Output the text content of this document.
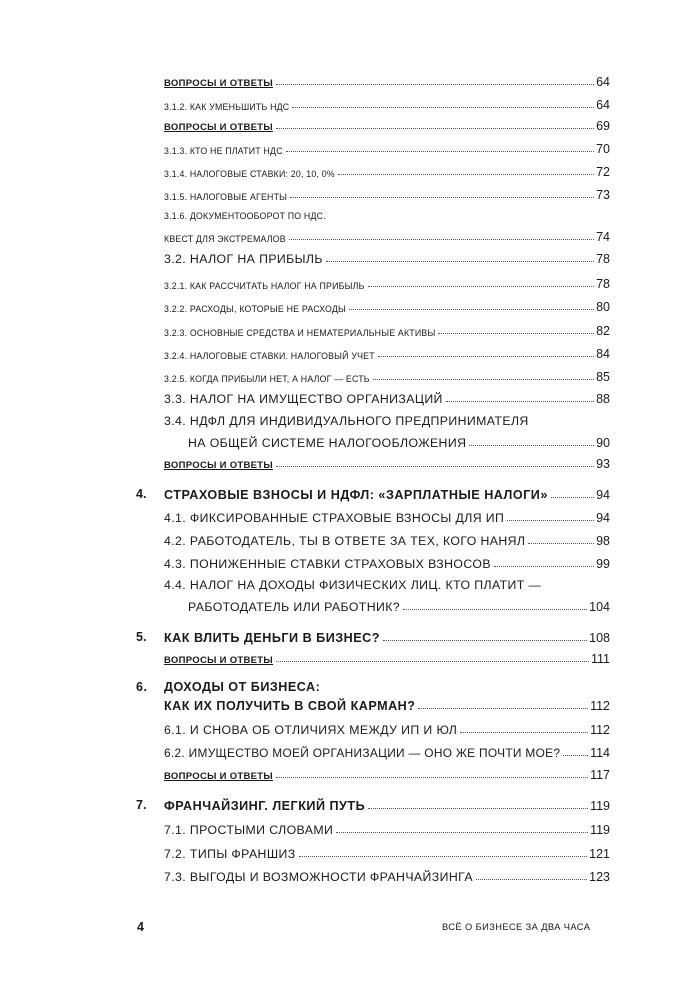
ВОПРОСЫ И ОТВЕТЫ	64
3.1.2. КАК УМЕНЬШИТЬ НДС	64
ВОПРОСЫ И ОТВЕТЫ	69
3.1.3. КТО НЕ ПЛАТИТ НДС	70
3.1.4. НАЛОГОВЫЕ СТАВКИ: 20, 10, 0%	72
3.1.5. НАЛОГОВЫЕ АГЕНТЫ	73
3.1.6. ДОКУМЕНТООБОРОТ ПО НДС.
КВЕСТ ДЛЯ ЭКСТРЕМАЛОВ	74
3.2. НАЛОГ НА ПРИБЫЛЬ	78
3.2.1. КАК РАССЧИТАТЬ НАЛОГ НА ПРИБЫЛЬ	78
3.2.2. РАСХОДЫ, КОТОРЫЕ НЕ РАСХОДЫ	80
3.2.3. ОСНОВНЫЕ СРЕДСТВА И НЕМАТЕРИАЛЬНЫЕ АКТИВЫ	82
3.2.4. НАЛОГОВЫЕ СТАВКИ. НАЛОГОВЫЙ УЧЕТ	84
3.2.5. КОГДА ПРИБЫЛИ НЕТ, А НАЛОГ — ЕСТЬ	85
3.3. НАЛОГ НА ИМУЩЕСТВО ОРГАНИЗАЦИЙ	88
3.4. НДФЛ ДЛЯ ИНДИВИДУАЛЬНОГО ПРЕДПРИНИМАТЕЛЯ
НА ОБЩЕЙ СИСТЕМЕ НАЛОГООБЛОЖЕНИЯ	90
ВОПРОСЫ И ОТВЕТЫ	93
4. СТРАХОВЫЕ ВЗНОСЫ И НДФЛ: «ЗАРПЛАТНЫЕ НАЛОГИ»	94
4.1. ФИКСИРОВАННЫЕ СТРАХОВЫЕ ВЗНОСЫ ДЛЯ ИП	94
4.2. РАБОТОДАТЕЛЬ, ТЫ В ОТВЕТЕ ЗА ТЕХ, КОГО НАНЯЛ	98
4.3. ПОНИЖЕННЫЕ СТАВКИ СТРАХОВЫХ ВЗНОСОВ	99
4.4. НАЛОГ НА ДОХОДЫ ФИЗИЧЕСКИХ ЛИЦ. КТО ПЛАТИТ —
РАБОТОДАТЕЛЬ ИЛИ РАБОТНИК?	104
5. КАК ВЛИТЬ ДЕНЬГИ В БИЗНЕС?	108
ВОПРОСЫ И ОТВЕТЫ	111
6. ДОХОДЫ ОТ БИЗНЕСА:
КАК ИХ ПОЛУЧИТЬ В СВОЙ КАРМАН?	112
6.1. И СНОВА ОБ ОТЛИЧИЯХ МЕЖДУ ИП И ЮЛ	112
6.2. ИМУЩЕСТВО МОЕЙ ОРГАНИЗАЦИИ — ОНО ЖЕ ПОЧТИ МОЕ? 114
ВОПРОСЫ И ОТВЕТЫ	117
7. ФРАНЧАЙЗИНГ. ЛЕГКИЙ ПУТЬ	119
7.1. ПРОСТЫМИ СЛОВАМИ	119
7.2. ТИПЫ ФРАНШИЗ	121
7.3. ВЫГОДЫ И ВОЗМОЖНОСТИ ФРАНЧАЙЗИНГА	123
4	ВСЁ О БИЗНЕСЕ ЗА ДВА ЧАСА
